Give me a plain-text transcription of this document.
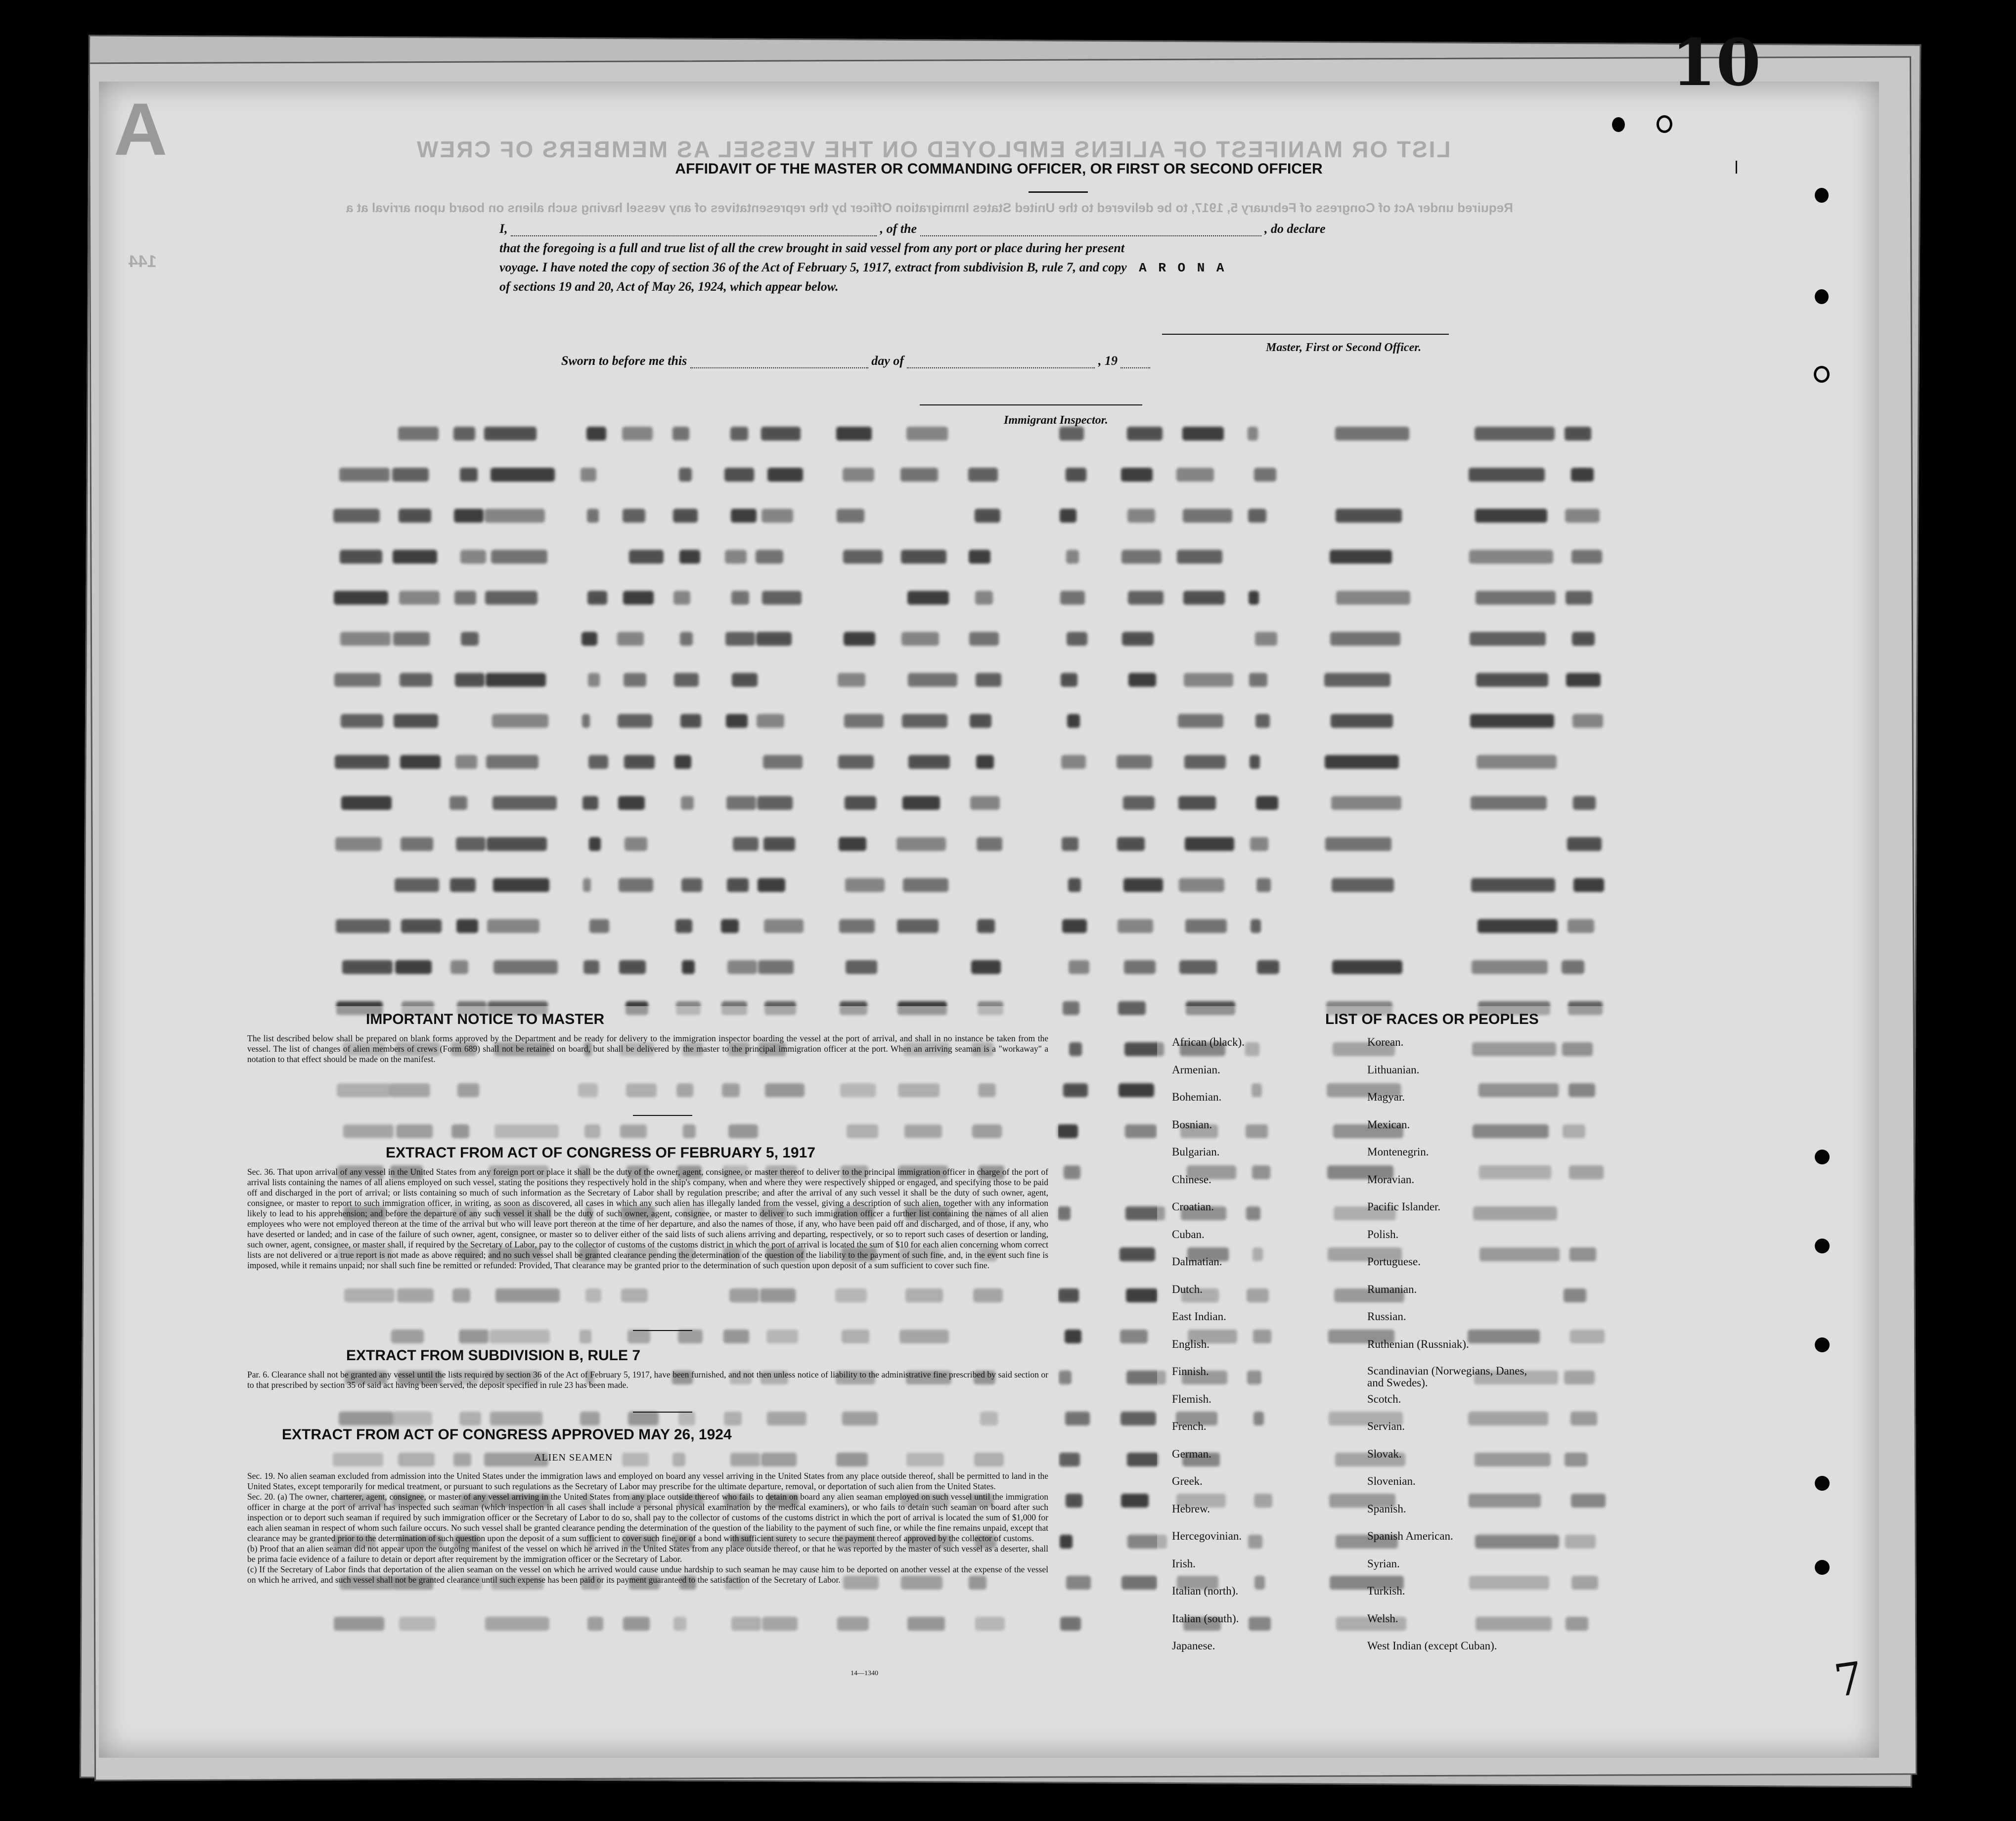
LIST OR MANIFEST OF ALIENS EMPLOYED ON THE VESSEL AS MEMBERS OF CREW
Required under Act of Congress of February 5, 1917, to be delivered to the United States Immigration Officer by the representatives of any vessel having such aliens on board upon arrival at a
144
A	AFFIDAVIT OF THE MASTER OR COMMANDING OFFICER, OR FIRST OR SECOND OFFICER
I,	, of the	, do declare
that the foregoing is a full and true list of all the crew brought in said vessel from any port or place during her present
voyage. I have noted the copy of section 36 of the Act of February 5, 1917, extract from subdivision B, rule 7, and copy A R O N A
of sections 19 and 20, Act of May 26, 1924, which appear below.
Master, First or Second Officer.
Sworn to before me this	day of	, 19
Immigrant Inspector.
IMPORTANT NOTICE TO MASTER
The list described below shall be prepared on blank forms approved by the Department and be ready for delivery to the immigration inspector boarding the vessel at the port of arrival, and shall in no instance be taken from the vessel. The list of changes of alien members of crews (Form 689) shall not be retained on board, but shall be delivered by the master to the principal immigration officer at the port. When an arriving seaman is a "workaway" a notation to that effect should be made on the manifest.
EXTRACT FROM ACT OF CONGRESS OF FEBRUARY 5, 1917
Sec. 36. That upon arrival of any vessel in the United States from any foreign port or place it shall be the duty of the owner, agent, consignee, or master thereof to deliver to the principal immigration officer in charge of the port of arrival lists containing the names of all aliens employed on such vessel, stating the positions they respectively hold in the ship's company, when and where they were respectively shipped or engaged, and specifying those to be paid off and discharged in the port of arrival; or lists containing so much of such information as the Secretary of Labor shall by regulation prescribe; and after the arrival of any such vessel it shall be the duty of such owner, agent, consignee, or master to report to such immigration officer, in writing, as soon as discovered, all cases in which any such alien has illegally landed from the vessel, giving a description of such alien, together with any information likely to lead to his apprehension; and before the departure of any such vessel it shall be the duty of such owner, agent, consignee, or master to deliver to such immigration officer a further list containing the names of all alien employees who were not employed thereon at the time of the arrival but who will leave port thereon at the time of her departure, and also the names of those, if any, who have been paid off and discharged, and of those, if any, who have deserted or landed; and in case of the failure of such owner, agent, consignee, or master so to deliver either of the said lists of such aliens arriving and departing, respectively, or so to report such cases of desertion or landing, such owner, agent, consignee, or master shall, if required by the Secretary of Labor, pay to the collector of customs of the customs district in which the port of arrival is located the sum of $10 for each alien concerning whom correct lists are not delivered or a true report is not made as above required; and no such vessel shall be granted clearance pending the determination of the question of the liability to the payment of such fine, and, in the event such fine is imposed, while it remains unpaid; nor shall such fine be remitted or refunded: Provided, That clearance may be granted prior to the determination of such question upon deposit of a sum sufficient to cover such fine.
EXTRACT FROM SUBDIVISION B, RULE 7
Par. 6. Clearance shall not be granted any vessel until the lists required by section 36 of the Act of February 5, 1917, have been furnished, and not then unless notice of liability to the administrative fine prescribed by said section or to that prescribed by section 35 of said act having been served, the deposit specified in rule 23 has been made.
EXTRACT FROM ACT OF CONGRESS APPROVED MAY 26, 1924
ALIEN SEAMEN
Sec. 19. No alien seaman excluded from admission into the United States under the immigration laws and employed on board any vessel arriving in the United States from any place outside thereof, shall be permitted to land in the United States, except temporarily for medical treatment, or pursuant to such regulations as the Secretary of Labor may prescribe for the ultimate departure, removal, or deportation of such alien from the United States.
Sec. 20. (a) The owner, charterer, agent, consignee, or master of any vessel arriving in the United States from any place outside thereof who fails to detain on board any alien seaman employed on such vessel until the immigration officer in charge at the port of arrival has inspected such seaman (which inspection in all cases shall include a personal physical examination by the medical examiners), or who fails to detain such seaman on board after such inspection or to deport such seaman if required by such immigration officer or the Secretary of Labor to do so, shall pay to the collector of customs of the customs district in which the port of arrival is located the sum of $1,000 for each alien seaman in respect of whom such failure occurs. No such vessel shall be granted clearance pending the determination of the question of the liability to the payment of such fine, or while the fine remains unpaid, except that clearance may be granted prior to the determination of such question upon the deposit of a sum sufficient to cover such fine, or of a bond with sufficient surety to secure the payment thereof approved by the collector of customs.
(b) Proof that an alien seaman did not appear upon the outgoing manifest of the vessel on which he arrived in the United States from any place outside thereof, or that he was reported by the master of such vessel as a deserter, shall be prima facie evidence of a failure to detain or deport after requirement by the immigration officer or the Secretary of Labor.
(c) If the Secretary of Labor finds that deportation of the alien seaman on the vessel on which he arrived would cause undue hardship to such seaman he may cause him to be deported on another vessel at the expense of the vessel on which he arrived, and such vessel shall not be granted clearance until such expense has been paid or its payment guaranteed to the satisfaction of the Secretary of Labor.
14—1340
LIST OF RACES OR PEOPLES
African (black).
Armenian.
Bohemian.
Bosnian.
Bulgarian.
Chinese.
Croatian.
Cuban.
Dalmatian.
Dutch.
East Indian.
English.
Finnish.
Flemish.
French.
German.
Greek.
Hebrew.
Hercegovinian.
Irish.
Italian (north).
Italian (south).
Japanese.
Korean.
Lithuanian.
Magyar.
Mexican.
Montenegrin.
Moravian.
Pacific Islander.
Polish.
Portuguese.
Rumanian.
Russian.
Ruthenian (Russniak).
Scandinavian (Norwegians, Danes, and Swedes).
Scotch.
Servian.
Slovak.
Slovenian.
Spanish.
Spanish American.
Syrian.
Turkish.
Welsh.
West Indian (except Cuban).
7
10
